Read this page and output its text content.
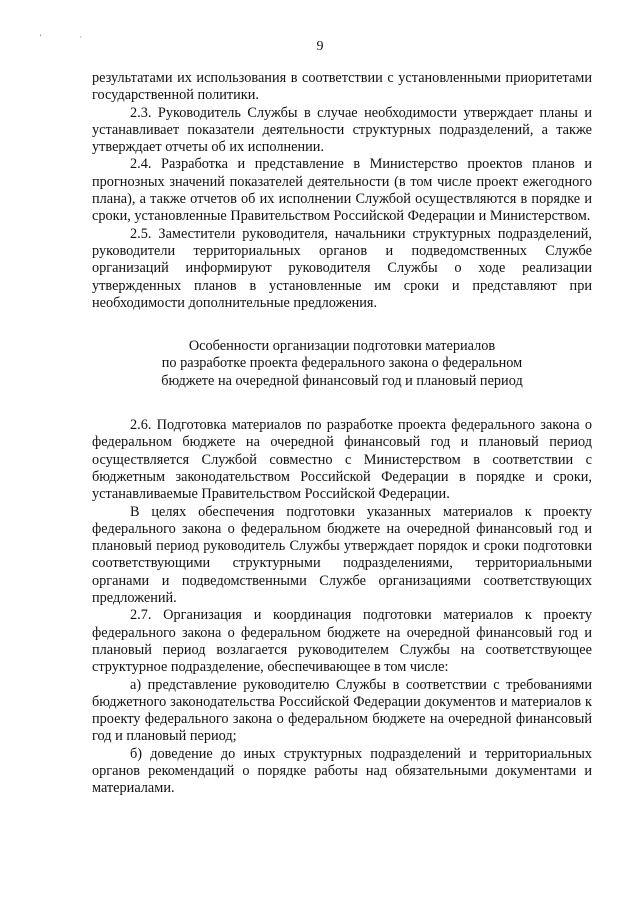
' ·
9

результатами их использования в соответствии с установленными приоритетами государственной политики.

2.3. Руководитель Службы в случае необходимости утверждает планы и устанавливает показатели деятельности структурных подразделений, а также утверждает отчеты об их исполнении.

2.4. Разработка и представление в Министерство проектов планов и прогнозных значений показателей деятельности (в том числе проект ежегодного плана), а также отчетов об их исполнении Службой осуществляются в порядке и сроки, установленные Правительством Российской Федерации и Министерством.

2.5. Заместители руководителя, начальники структурных подразделений, руководители территориальных органов и подведомственных Службе организаций информируют руководителя Службы о ходе реализации утвержденных планов в установленные им сроки и представляют при необходимости дополнительные предложения.

Особенности организации подготовки материалов
по разработке проекта федерального закона о федеральном
бюджете на очередной финансовый год и плановый период

2.6. Подготовка материалов по разработке проекта федерального закона о федеральном бюджете на очередной финансовый год и плановый период осуществляется Службой совместно с Министерством в соответствии с бюджетным законодательством Российской Федерации в порядке и сроки, устанавливаемые Правительством Российской Федерации.

В целях обеспечения подготовки указанных материалов к проекту федерального закона о федеральном бюджете на очередной финансовый год и плановый период руководитель Службы утверждает порядок и сроки подготовки соответствующими структурными подразделениями, территориальными органами и подведомственными Службе организациями соответствующих предложений.

2.7. Организация и координация подготовки материалов к проекту федерального закона о федеральном бюджете на очередной финансовый год и плановый период возлагается руководителем Службы на соответствующее структурное подразделение, обеспечивающее в том числе:

а) представление руководителю Службы в соответствии с требованиями бюджетного законодательства Российской Федерации документов и материалов к проекту федерального закона о федеральном бюджете на очередной финансовый год и плановый период;

б) доведение до иных структурных подразделений и территориальных органов рекомендаций о порядке работы над обязательными документами и материалами.
